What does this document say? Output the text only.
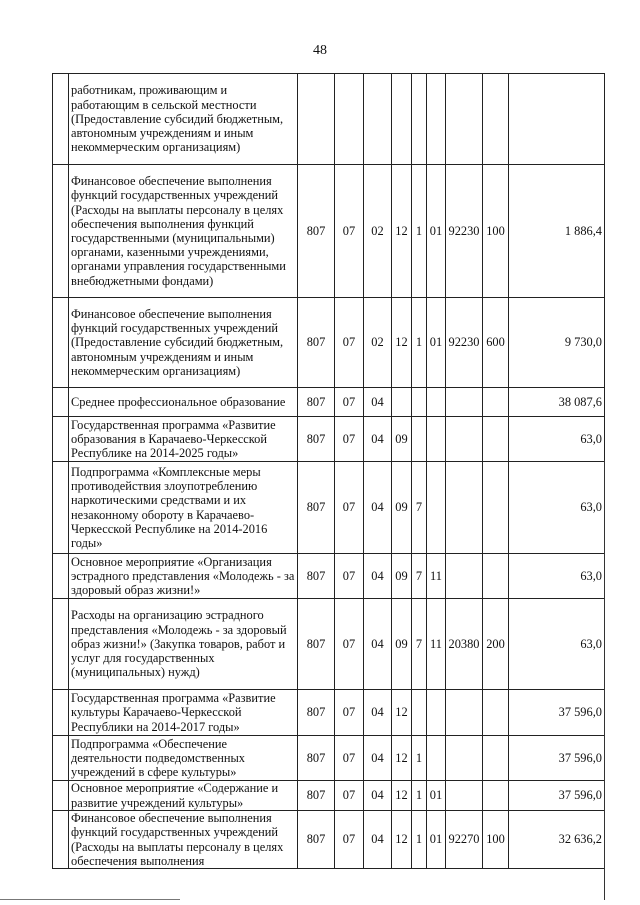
48
	работникам, проживающим и работающим в сельской местности (Предоставление субсидий бюджетным, автономным учреждениям и иным некоммерческим организациям)									
	Финансовое обеспечение выполнения функций государственных учреждений (Расходы на выплаты персоналу в целях обеспечения выполнения функций государственными (муниципальными) органами, казенными учреждениями, органами управления государственными внебюджетными фондами)	807	07	02	12	1	01	92230	100	1 886,4
	Финансовое обеспечение выполнения функций государственных учреждений (Предоставление субсидий бюджетным, автономным учреждениям и иным некоммерческим организациям)	807	07	02	12	1	01	92230	600	9 730,0
	Среднее профессиональное образование	807	07	04						38 087,6
	Государственная программа «Развитие образования в Карачаево-Черкесской Республике на 2014-2025 годы»	807	07	04	09					63,0
	Подпрограмма «Комплексные меры противодействия злоупотреблению наркотическими средствами и их незаконному обороту в Карачаево-Черкесской Республике на 2014-2016 годы»	807	07	04	09	7				63,0
	Основное мероприятие «Организация эстрадного представления «Молодежь - за здоровый образ жизни!»	807	07	04	09	7	11			63,0
	Расходы на организацию эстрадного представления «Молодежь - за здоровый образ жизни!» (Закупка товаров, работ и услуг для государственных (муниципальных) нужд)	807	07	04	09	7	11	20380	200	63,0
	Государственная программа «Развитие культуры Карачаево-Черкесской Республики на 2014-2017 годы»	807	07	04	12					37 596,0
	Подпрограмма «Обеспечение деятельности подведомственных учреждений в сфере культуры»	807	07	04	12	1				37 596,0
	Основное мероприятие «Содержание и развитие учреждений культуры»	807	07	04	12	1	01			37 596,0
	Финансовое обеспечение выполнения функций государственных учреждений (Расходы на выплаты персоналу в целях обеспечения выполнения	807	07	04	12	1	01	92270	100	32 636,2
